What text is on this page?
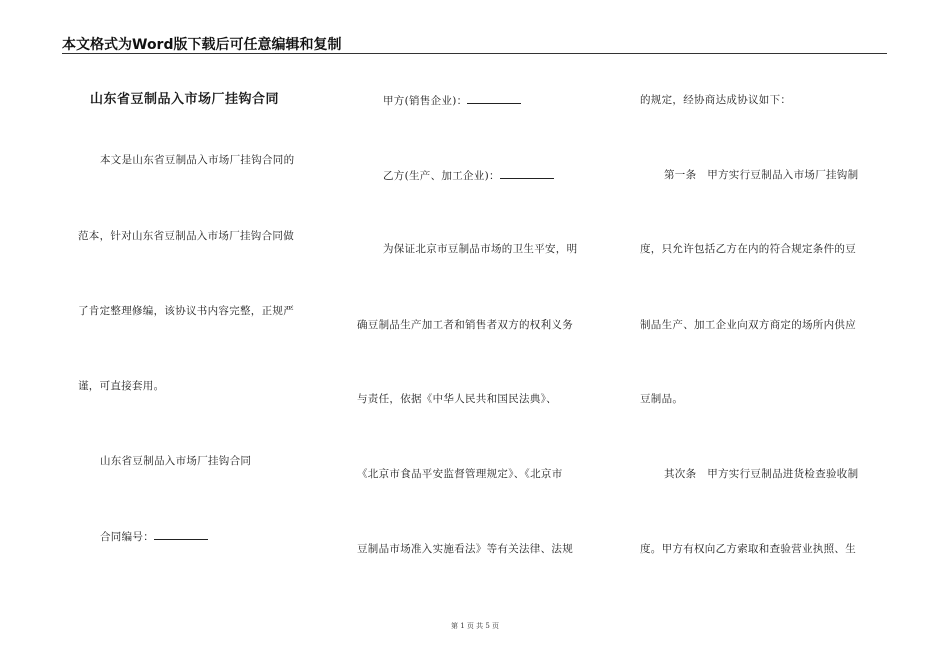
本文格式为Word版下载后可任意编辑和复制
山东省豆制品入市场厂挂钩合同
本文是山东省豆制品入市场厂挂钩合同的
范本，针对山东省豆制品入市场厂挂钩合同做
了肯定整理修编，该协议书内容完整，正规严
谨，可直接套用。
山东省豆制品入市场厂挂钩合同
合同编号：
甲方(销售企业)：
乙方(生产、加工企业)：
为保证北京市豆制品市场的卫生平安，明
确豆制品生产加工者和销售者双方的权利义务
与责任，依据《中华人民共和国民法典》、
《北京市食品平安监督管理规定》、《北京市
豆制品市场准入实施看法》等有关法律、法规
的规定，经协商达成协议如下：
第一条　甲方实行豆制品入市场厂挂钩制
度，只允许包括乙方在内的符合规定条件的豆
制品生产、加工企业向双方商定的场所内供应
豆制品。
其次条　甲方实行豆制品进货检查验收制
度。甲方有权向乙方索取和查验营业执照、生
第 1 页 共 5 页
